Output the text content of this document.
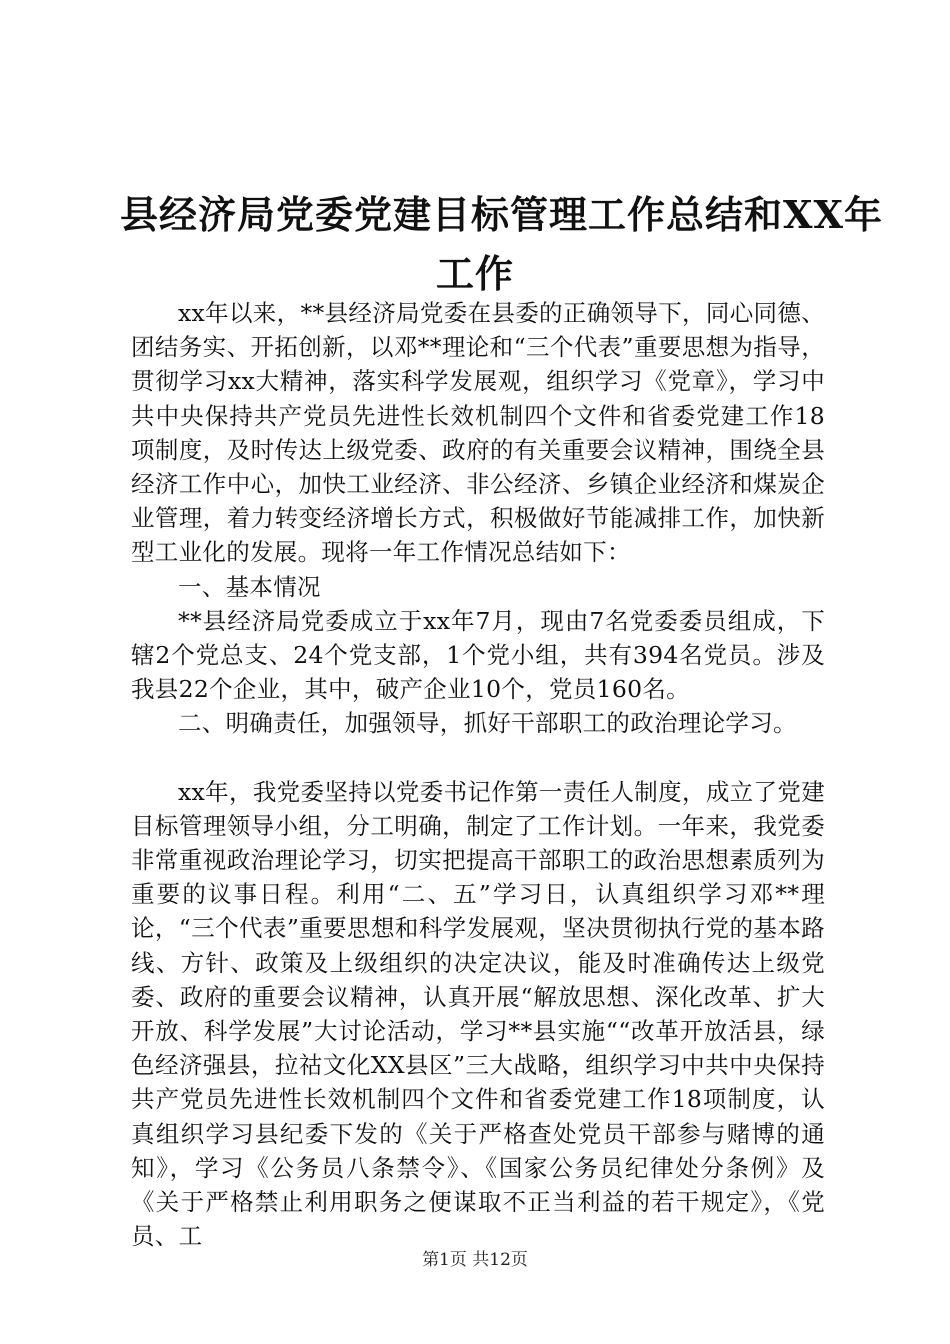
县经济局党委党建目标管理工作总结和XX年
工作

xx年以来，**县经济局党委在县委的正确领导下，同心同德、团结务实、开拓创新，以邓**理论和“三个代表”重要思想为指导，贯彻学习xx大精神，落实科学发展观，组织学习《党章》，学习中共中央保持共产党员先进性长效机制四个文件和省委党建工作18项制度，及时传达上级党委、政府的有关重要会议精神，围绕全县经济工作中心，加快工业经济、非公经济、乡镇企业经济和煤炭企业管理，着力转变经济增长方式，积极做好节能减排工作，加快新型工业化的发展。现将一年工作情况总结如下：

一、基本情况

**县经济局党委成立于xx年7月，现由7名党委委员组成，下辖2个党总支、24个党支部，1个党小组，共有394名党员。涉及我县22个企业，其中，破产企业10个，党员160名。

二、明确责任，加强领导，抓好干部职工的政治理论学习。

xx年，我党委坚持以党委书记作第一责任人制度，成立了党建目标管理领导小组，分工明确，制定了工作计划。一年来，我党委非常重视政治理论学习，切实把提高干部职工的政治思想素质列为重要的议事日程。利用“二、五”学习日，认真组织学习邓**理论，“三个代表”重要思想和科学发展观，坚决贯彻执行党的基本路线、方针、政策及上级组织的决定决议，能及时准确传达上级党委、政府的重要会议精神，认真开展“解放思想、深化改革、扩大开放、科学发展”大讨论活动，学习**县实施““改革开放活县，绿色经济强县，拉祜文化XX县区”三大战略，组织学习中共中央保持共产党员先进性长效机制四个文件和省委党建工作18项制度，认真组织学习县纪委下发的《关于严格查处党员干部参与赌博的通知》，学习《公务员八条禁令》、《国家公务员纪律处分条例》及《关于严格禁止利用职务之便谋取不正当利益的若干规定》，《党员、工

第1页 共12页
